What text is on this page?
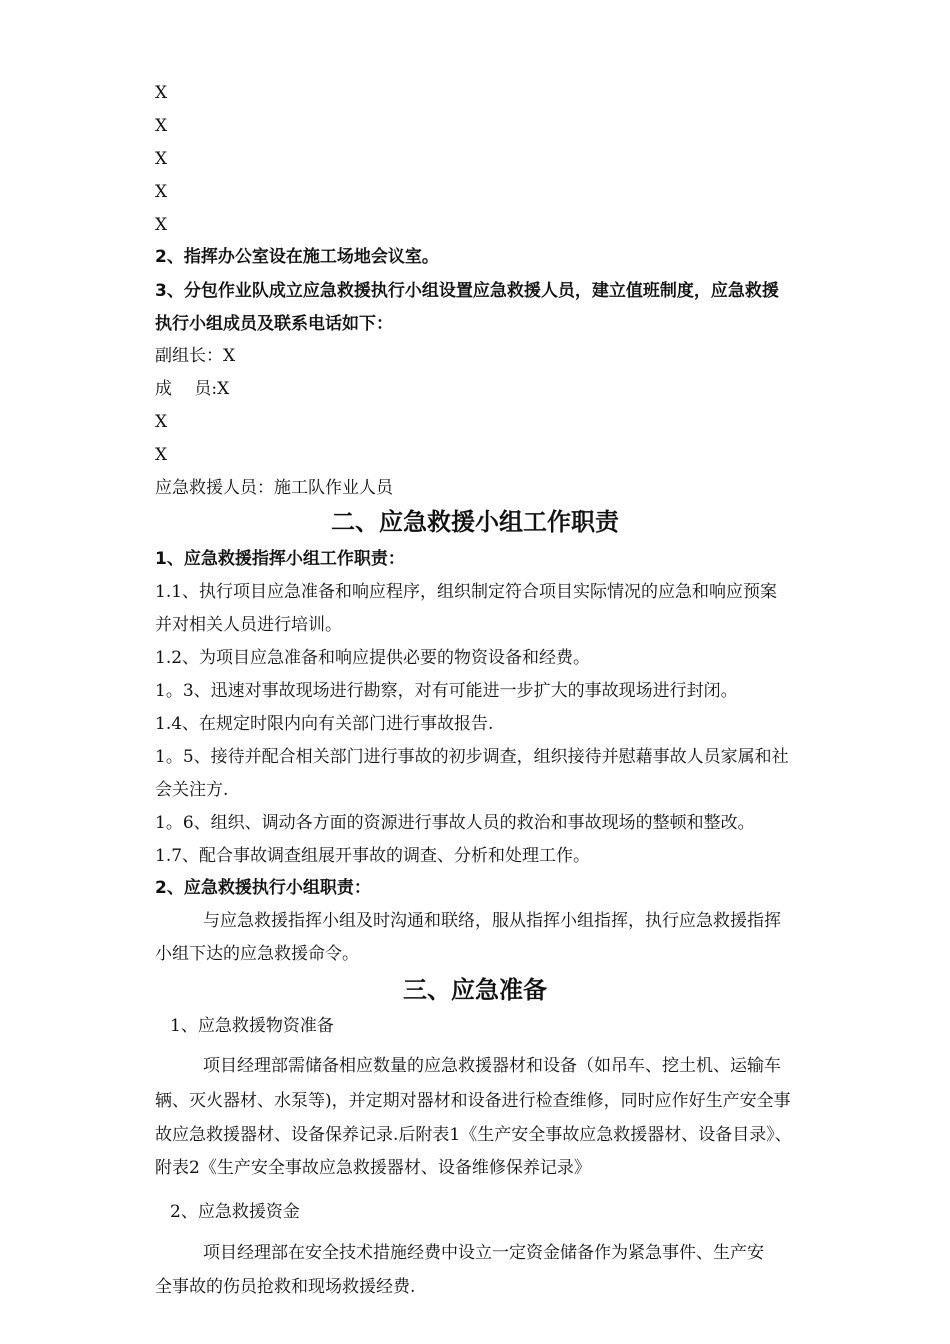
X
X
X
X
X
2、指挥办公室设在施工场地会议室。
3、分包作业队成立应急救援执行小组设置应急救援人员，建立值班制度，应急救援
执行小组成员及联系电话如下：
副组长：X
成　 员:X
X
X
应急救援人员：施工队作业人员
二、应急救援小组工作职责
1、应急救援指挥小组工作职责：
1.1、执行项目应急准备和响应程序，组织制定符合项目实际情况的应急和响应预案
并对相关人员进行培训。
1.2、为项目应急准备和响应提供必要的物资设备和经费。
1。3、迅速对事故现场进行勘察，对有可能进一步扩大的事故现场进行封闭。
1.4、在规定时限内向有关部门进行事故报告.
1。5、接待并配合相关部门进行事故的初步调查，组织接待并慰藉事故人员家属和社
会关注方.
1。6、组织、调动各方面的资源进行事故人员的救治和事故现场的整顿和整改。
1.7、配合事故调查组展开事故的调查、分析和处理工作。
2、应急救援执行小组职责：
与应急救援指挥小组及时沟通和联络，服从指挥小组指挥，执行应急救援指挥
小组下达的应急救援命令。
三、应急准备
1、应急救援物资准备
项目经理部需储备相应数量的应急救援器材和设备（如吊车、挖土机、运输车
辆、灭火器材、水泵等)，并定期对器材和设备进行检查维修，同时应作好生产安全事
故应急救援器材、设备保养记录.后附表1《生产安全事故应急救援器材、设备目录》、
附表2《生产安全事故应急救援器材、设备维修保养记录》
2、应急救援资金
项目经理部在安全技术措施经费中设立一定资金储备作为紧急事件、生产安
全事故的伤员抢救和现场救援经费.
